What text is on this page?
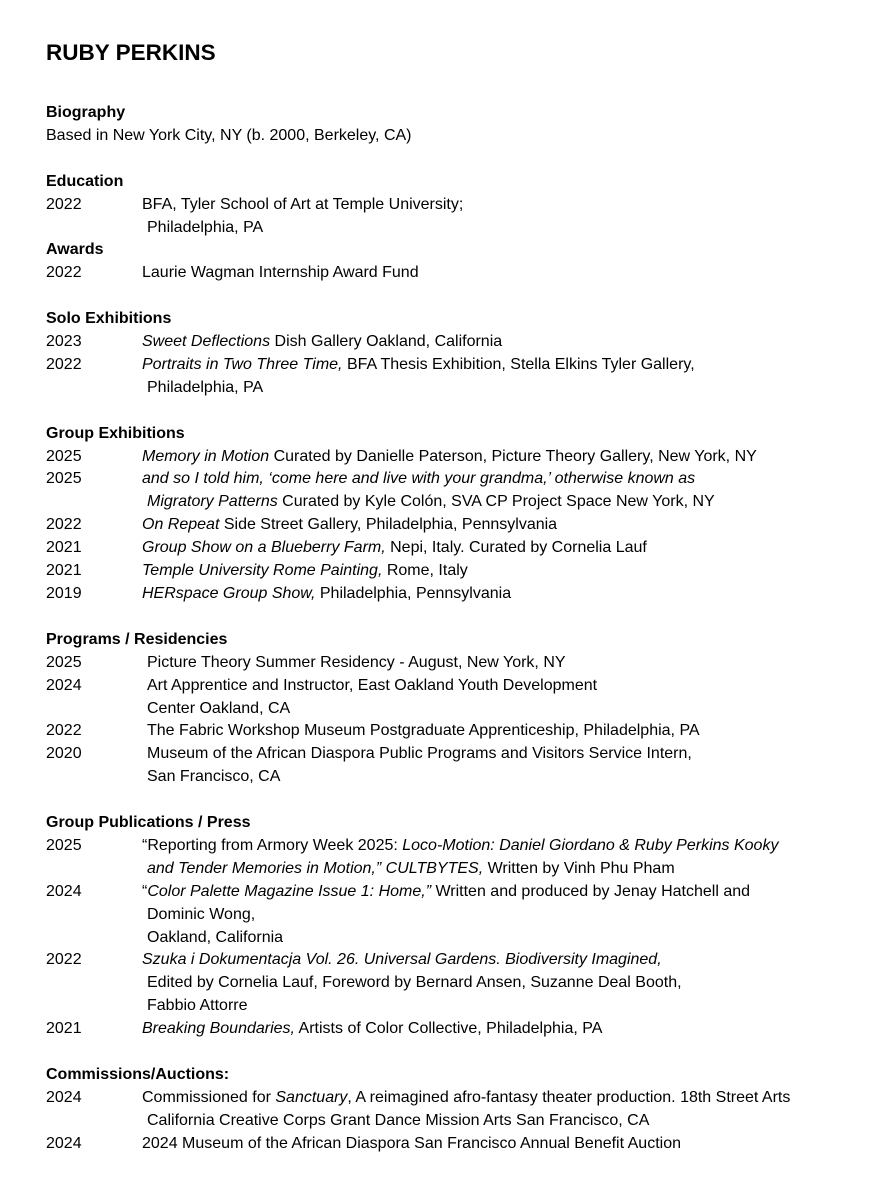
RUBY PERKINS
Biography
Based in New York City, NY (b. 2000, Berkeley, CA)
Education
2022	BFA, Tyler School of Art at Temple University;
Philadelphia, PA
Awards
2022	Laurie Wagman Internship Award Fund
Solo Exhibitions
2023	Sweet Deflections Dish Gallery Oakland, California
2022	Portraits in Two Three Time, BFA Thesis Exhibition, Stella Elkins Tyler Gallery,
Philadelphia, PA
Group Exhibitions
2025	Memory in Motion Curated by Danielle Paterson, Picture Theory Gallery, New York, NY
2025	and so I told him, ‘come here and live with your grandma,’ otherwise known as
Migratory Patterns Curated by Kyle Colón, SVA CP Project Space New York, NY
2022	On Repeat Side Street Gallery, Philadelphia, Pennsylvania
2021	Group Show on a Blueberry Farm, Nepi, Italy. Curated by Cornelia Lauf
2021	Temple University Rome Painting, Rome, Italy
2019	HERspace Group Show, Philadelphia, Pennsylvania
Programs / Residencies
2025	Picture Theory Summer Residency - August, New York, NY
2024	Art Apprentice and Instructor, East Oakland Youth Development
Center Oakland, CA
2022	The Fabric Workshop Museum Postgraduate Apprenticeship, Philadelphia, PA
2020	Museum of the African Diaspora Public Programs and Visitors Service Intern,
San Francisco, CA
Group Publications / Press
2025	“Reporting from Armory Week 2025: Loco-Motion: Daniel Giordano & Ruby Perkins Kooky
and Tender Memories in Motion,” CULTBYTES, Written by Vinh Phu Pham
2024	“Color Palette Magazine Issue 1: Home,” Written and produced by Jenay Hatchell and
Dominic Wong,
Oakland, California
2022	Szuka i Dokumentacja Vol. 26. Universal Gardens. Biodiversity Imagined,
Edited by Cornelia Lauf, Foreword by Bernard Ansen, Suzanne Deal Booth,
Fabbio Attorre
2021	Breaking Boundaries, Artists of Color Collective, Philadelphia, PA
Commissions/Auctions:
2024	Commissioned for Sanctuary, A reimagined afro-fantasy theater production. 18th Street Arts
California Creative Corps Grant Dance Mission Arts San Francisco, CA
2024	2024 Museum of the African Diaspora San Francisco Annual Benefit Auction
